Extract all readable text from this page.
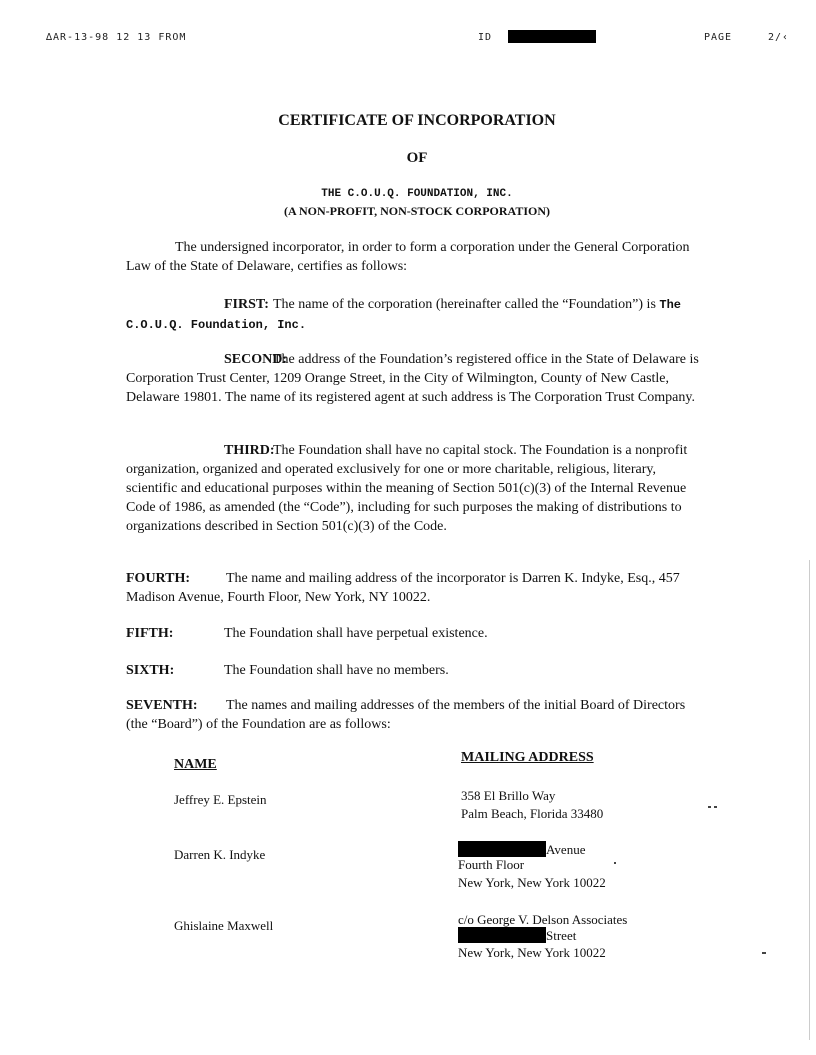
∆AR-13-98 12 13 FROM	ID	PAGE	2/‹
CERTIFICATE OF INCORPORATION
OF
THE C.O.U.Q. FOUNDATION, INC.
(A NON-PROFIT, NON-STOCK CORPORATION)
The undersigned incorporator, in order to form a corporation under the General Corporation Law of the State of Delaware, certifies as follows:
FIRST: The name of the corporation (hereinafter called the “Foundation”) is The C.O.U.Q. Foundation, Inc.
SECOND:The address of the Foundation’s registered office in the State of Delaware is Corporation Trust Center, 1209 Orange Street, in the City of Wilmington, County of New Castle, Delaware 19801. The name of its registered agent at such address is The Corporation Trust Company.
THIRD:The Foundation shall have no capital stock. The Foundation is a nonprofit organization, organized and operated exclusively for one or more charitable, religious, literary, scientific and educational purposes within the meaning of Section 501(c)(3) of the Internal Revenue Code of 1986, as amended (the “Code”), including for such purposes the making of distributions to organizations described in Section 501(c)(3) of the Code.
FOURTH:	The name and mailing address of the incorporator is Darren K. Indyke, Esq., 457 Madison Avenue, Fourth Floor, New York, NY 10022.
FIFTH:	The Foundation shall have perpetual existence.
SIXTH:	The Foundation shall have no members.
SEVENTH: The names and mailing addresses of the members of the initial Board of Directors (the “Board”) of the Foundation are as follows:
NAME	MAILING ADDRESS
Jeffrey E. Epstein	358 El Brillo Way
Palm Beach, Florida 33480
Darren K. Indyke	Avenue
Fourth Floor
New York, New York 10022
Ghislaine Maxwell	c/o George V. Delson Associates
Street
New York, New York 10022
